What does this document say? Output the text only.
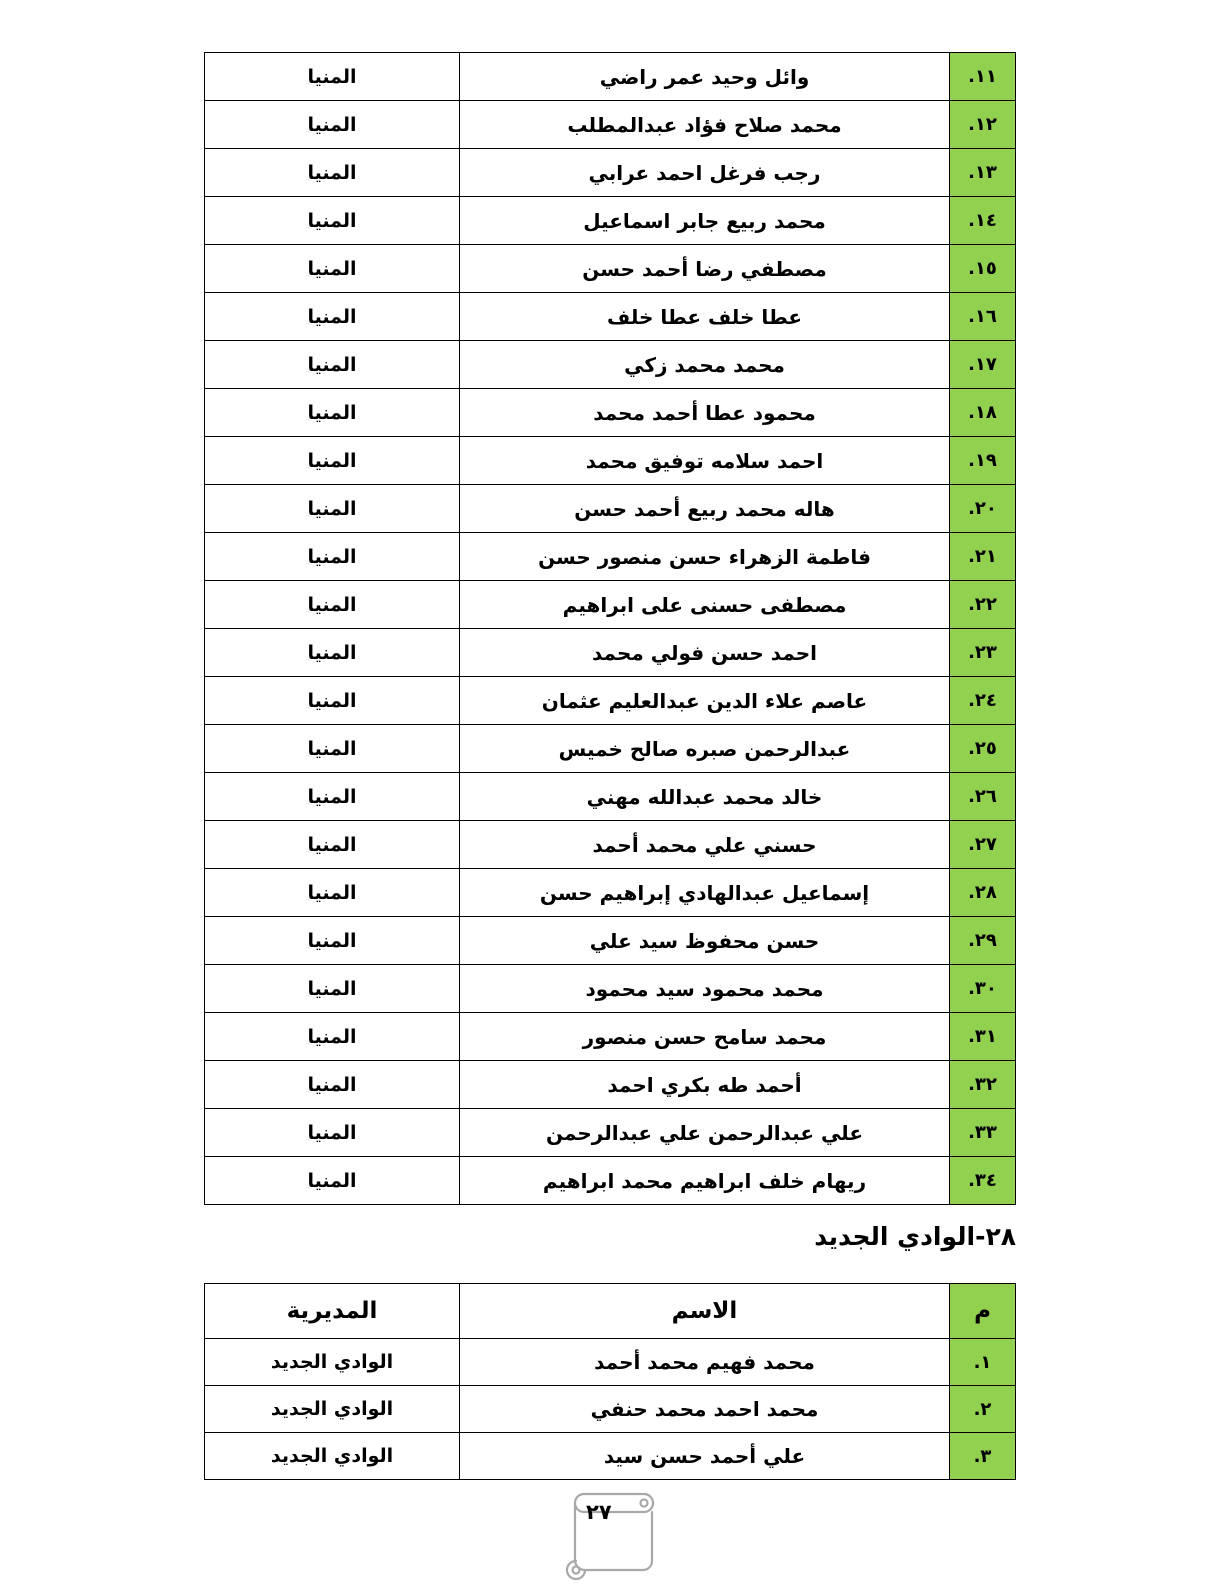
١١.	وائل وحيد عمر راضي	المنيا
١٢.	محمد صلاح فؤاد عبدالمطلب	المنيا
١٣.	رجب فرغل احمد عرابي	المنيا
١٤.	محمد ربيع جابر اسماعيل	المنيا
١٥.	مصطفي رضا أحمد حسن	المنيا
١٦.	عطا خلف عطا خلف	المنيا
١٧.	محمد محمد زكي	المنيا
١٨.	محمود عطا أحمد محمد	المنيا
١٩.	احمد سلامه توفيق محمد	المنيا
٢٠.	هاله محمد ربيع أحمد حسن	المنيا
٢١.	فاطمة الزهراء حسن منصور حسن	المنيا
٢٢.	مصطفى حسنى على ابراهيم	المنيا
٢٣.	احمد حسن فولي محمد	المنيا
٢٤.	عاصم علاء الدين عبدالعليم عثمان	المنيا
٢٥.	عبدالرحمن صبره صالح خميس	المنيا
٢٦.	خالد محمد عبدالله مهني	المنيا
٢٧.	حسني علي محمد أحمد	المنيا
٢٨.	إسماعيل عبدالهادي إبراهيم حسن	المنيا
٢٩.	حسن محفوظ سيد علي	المنيا
٣٠.	محمد محمود سيد محمود	المنيا
٣١.	محمد سامح حسن منصور	المنيا
٣٢.	أحمد طه بكري احمد	المنيا
٣٣.	علي عبدالرحمن علي عبدالرحمن	المنيا
٣٤.	ريهام خلف ابراهيم محمد ابراهيم	المنيا
٢٨-الوادي الجديد
م	الاسم	المديرية
١.	محمد فهيم محمد أحمد	الوادي الجديد
٢.	محمد احمد محمد حنفي	الوادي الجديد
٣.	علي أحمد حسن سيد	الوادي الجديد
٢٧
